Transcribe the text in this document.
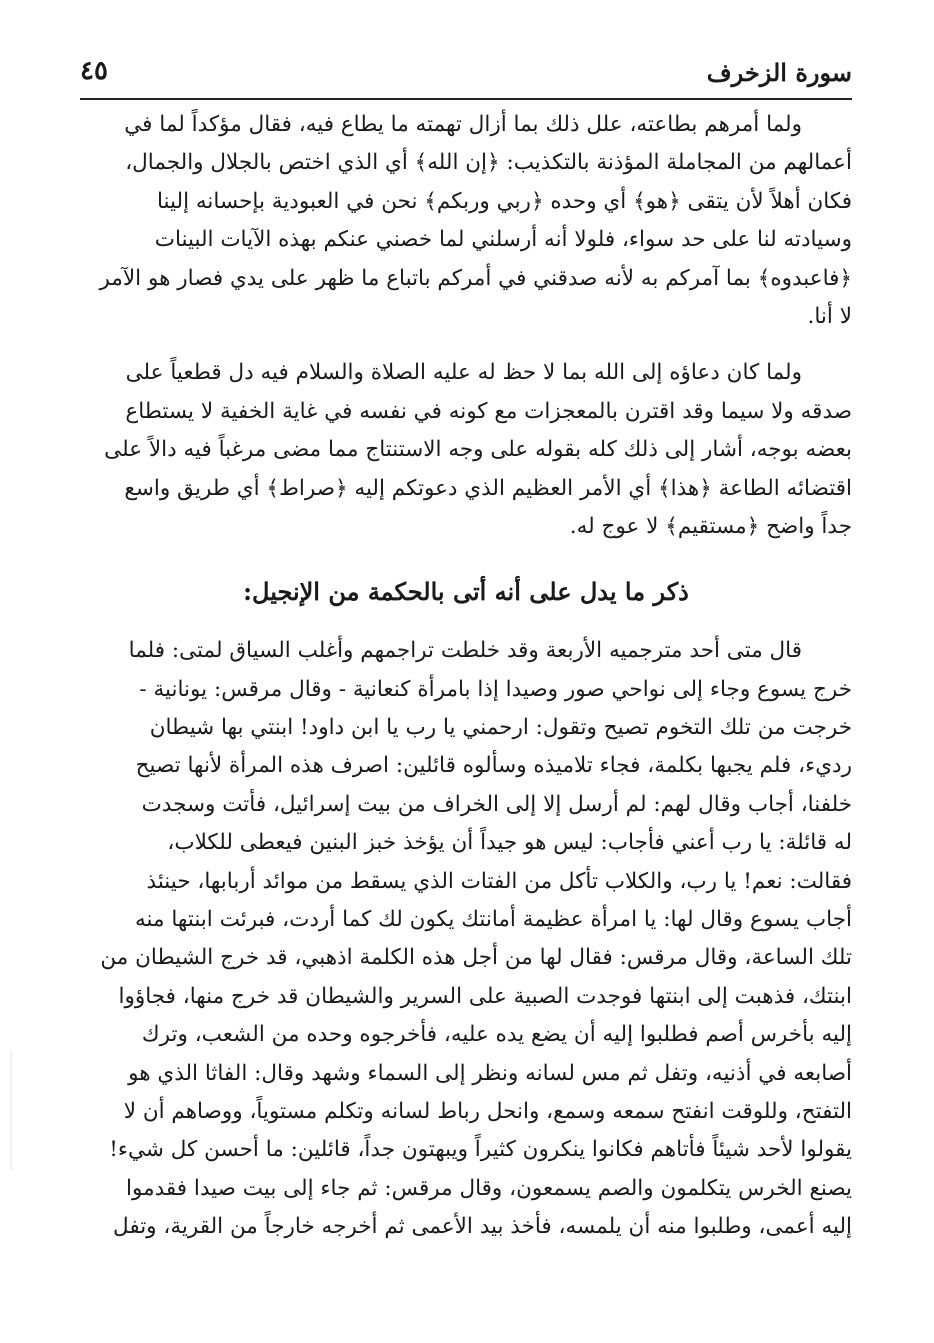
سورة الزخرف
٤٥
ولما أمرهم بطاعته، علل ذلك بما أزال تهمته ما يطاع فيه، فقال مؤكداً لما في
أعمالهم من المجاملة المؤذنة بالتكذيب: ﴿إن الله﴾ أي الذي اختص بالجلال والجمال،
فكان أهلاً لأن يتقى ﴿هو﴾ أي وحده ﴿ربي وربكم﴾ نحن في العبودية بإحسانه إلينا
وسيادته لنا على حد سواء، فلولا أنه أرسلني لما خصني عنكم بهذه الآيات البينات
﴿فاعبدوه﴾ بما آمركم به لأنه صدقني في أمركم باتباع ما ظهر على يدي فصار هو الآمر
لا أنا.
ولما كان دعاؤه إلى الله بما لا حظ له عليه الصلاة والسلام فيه دل قطعياً على
صدقه ولا سيما وقد اقترن بالمعجزات مع كونه في نفسه في غاية الخفية لا يستطاع
بعضه بوجه، أشار إلى ذلك كله بقوله على وجه الاستنتاج مما مضى مرغباً فيه دالاً على
اقتضائه الطاعة ﴿هذا﴾ أي الأمر العظيم الذي دعوتكم إليه ﴿صراط﴾ أي طريق واسع
جداً واضح ﴿مستقيم﴾ لا عوج له.
ذكر ما يدل على أنه أتى بالحكمة من الإنجيل:
قال متى أحد مترجميه الأربعة وقد خلطت تراجمهم وأغلب السياق لمتى: فلما
خرج يسوع وجاء إلى نواحي صور وصيدا إذا بامرأة كنعانية - وقال مرقس: يونانية -
خرجت من تلك التخوم تصيح وتقول: ارحمني يا رب يا ابن داود! ابنتي بها شيطان
رديء، فلم يجبها بكلمة، فجاء تلاميذه وسألوه قائلين: اصرف هذه المرأة لأنها تصيح
خلفنا، أجاب وقال لهم: لم أرسل إلا إلى الخراف من بيت إسرائيل، فأتت وسجدت
له قائلة: يا رب أعني فأجاب: ليس هو جيداً أن يؤخذ خبز البنين فيعطى للكلاب،
فقالت: نعم! يا رب، والكلاب تأكل من الفتات الذي يسقط من موائد أربابها، حينئذ
أجاب يسوع وقال لها: يا امرأة عظيمة أمانتك يكون لك كما أردت، فبرئت ابنتها منه
تلك الساعة، وقال مرقس: فقال لها من أجل هذه الكلمة اذهبي، قد خرج الشيطان من
ابنتك، فذهبت إلى ابنتها فوجدت الصبية على السرير والشيطان قد خرج منها، فجاؤوا
إليه بأخرس أصم فطلبوا إليه أن يضع يده عليه، فأخرجوه وحده من الشعب، وترك
أصابعه في أذنيه، وتفل ثم مس لسانه ونظر إلى السماء وشهد وقال: الفاثا الذي هو
التفتح، وللوقت انفتح سمعه وسمع، وانحل رباط لسانه وتكلم مستوياً، ووصاهم أن لا
يقولوا لأحد شيئاً فأتاهم فكانوا ينكرون كثيراً ويبهتون جداً، قائلين: ما أحسن كل شيء!
يصنع الخرس يتكلمون والصم يسمعون، وقال مرقس: ثم جاء إلى بيت صيدا فقدموا
إليه أعمى، وطلبوا منه أن يلمسه، فأخذ بيد الأعمى ثم أخرجه خارجاً من القرية، وتفل
